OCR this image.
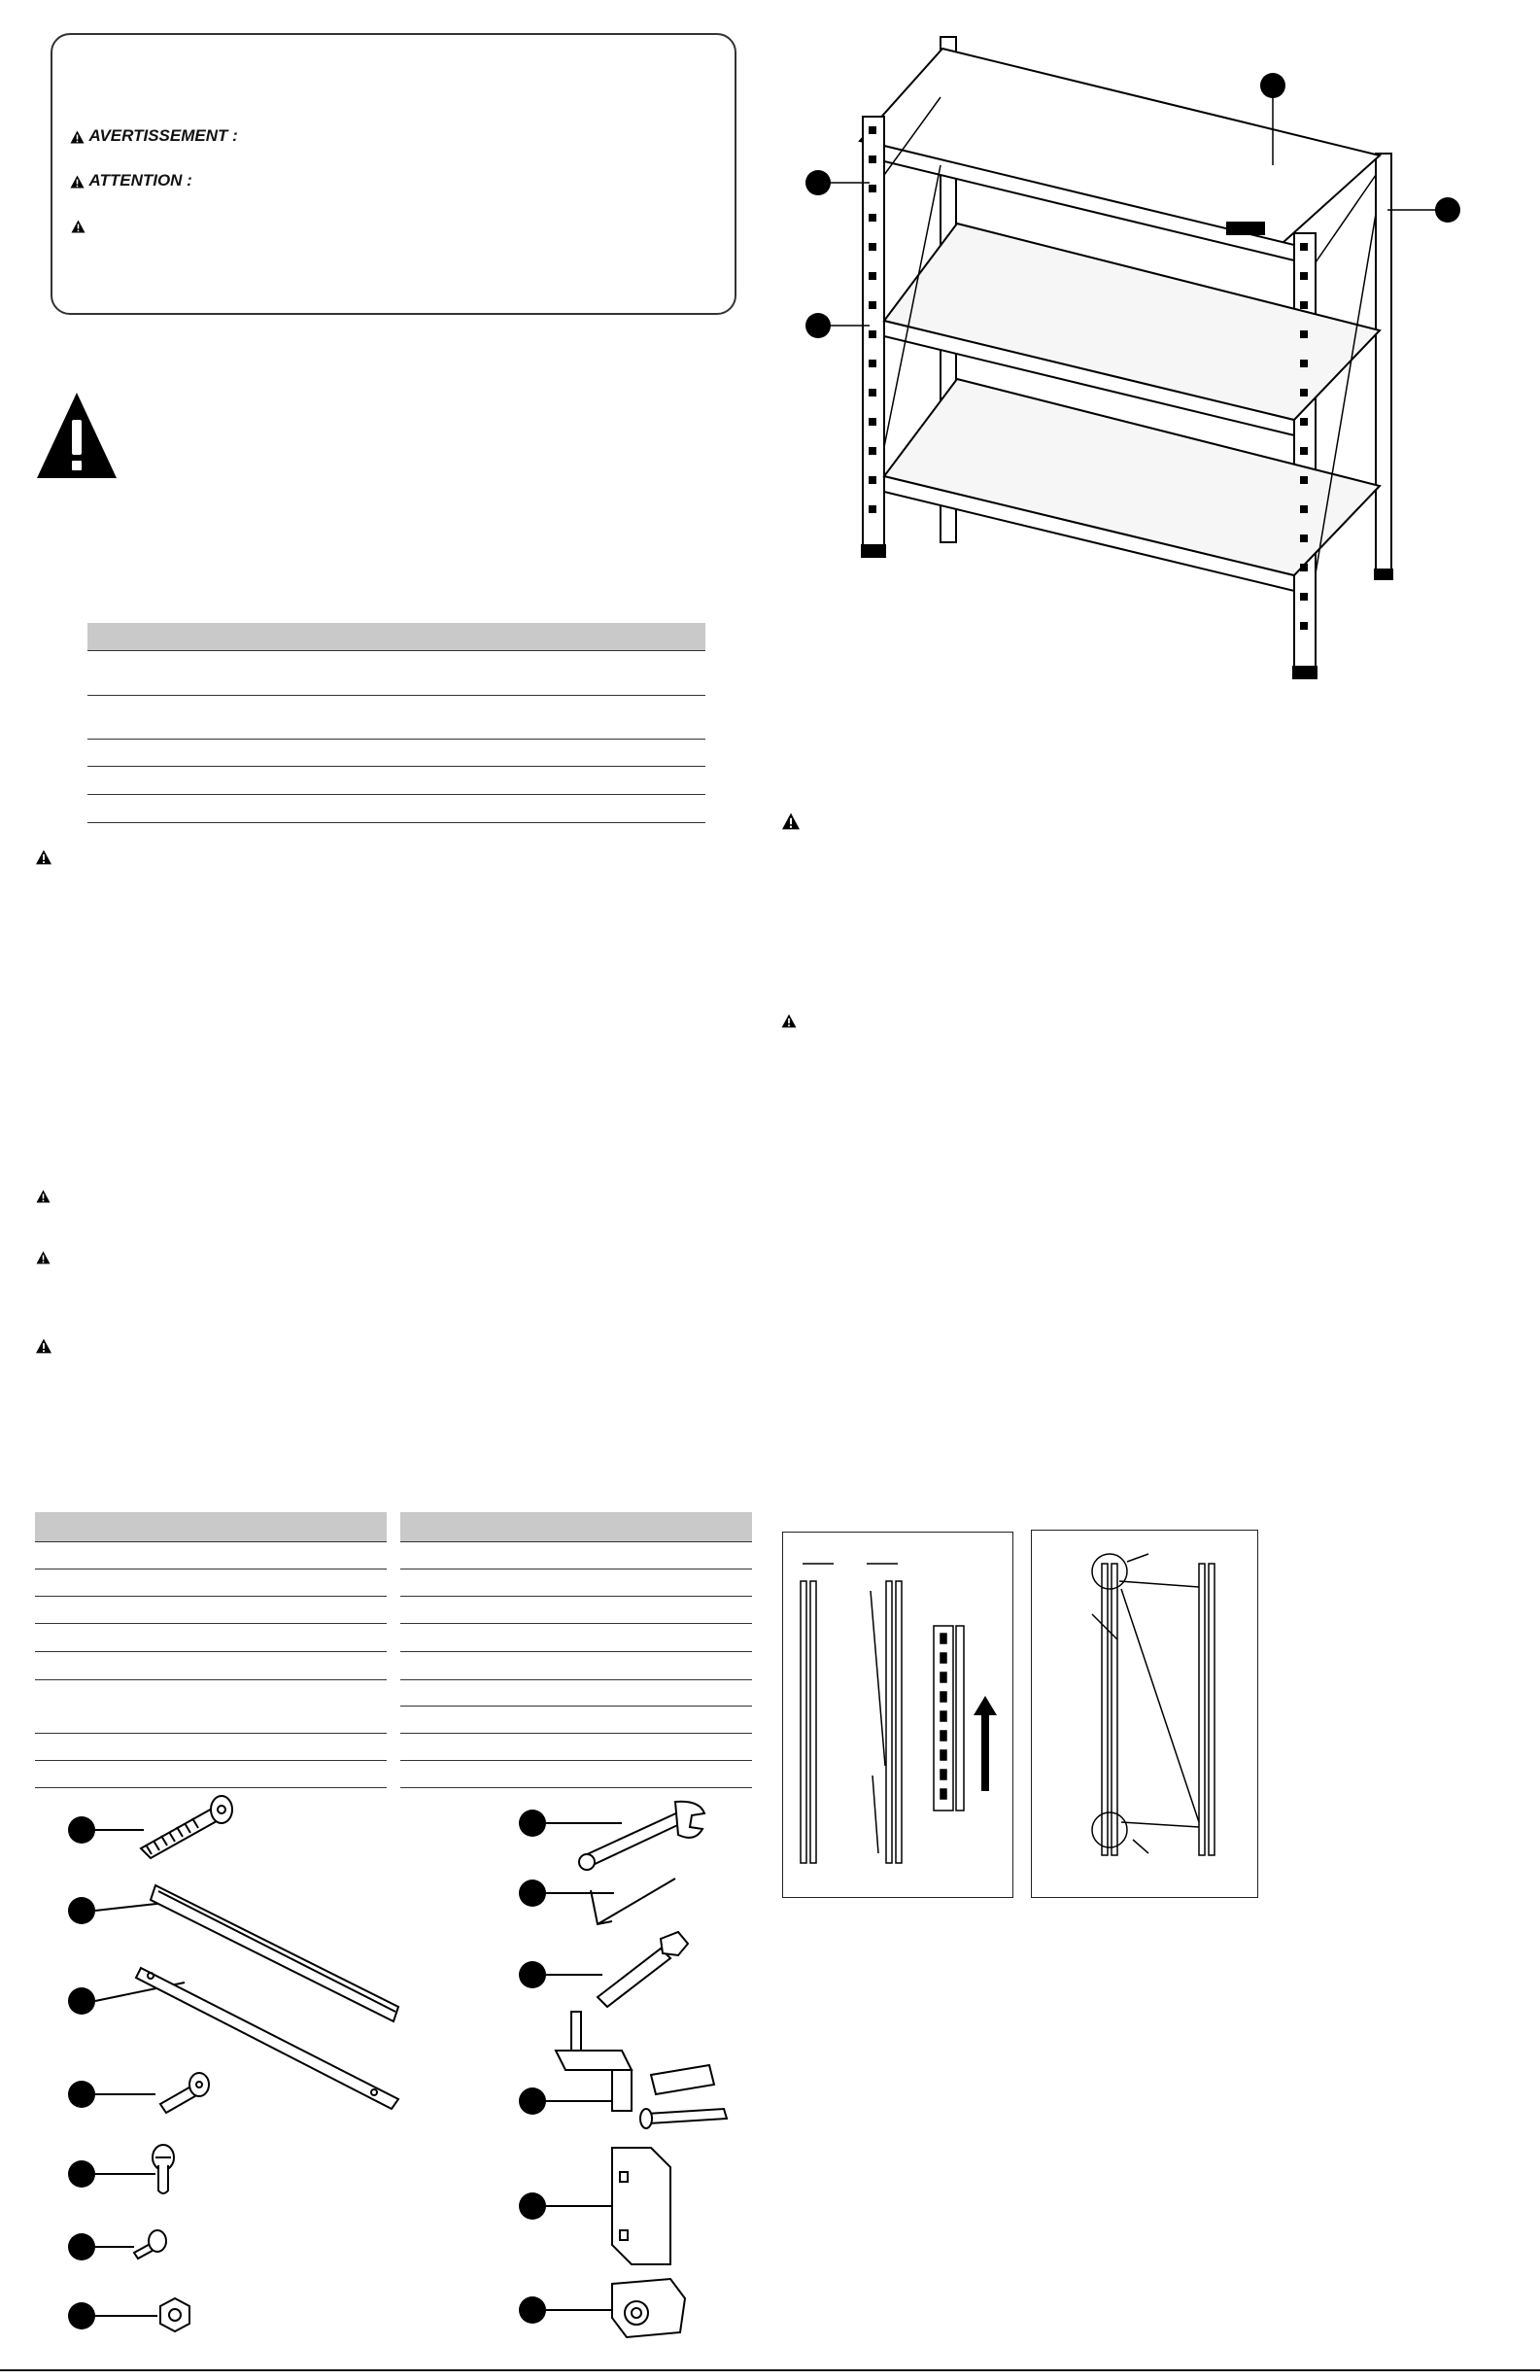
AVERTISSEMENT :
ATTENTION :
